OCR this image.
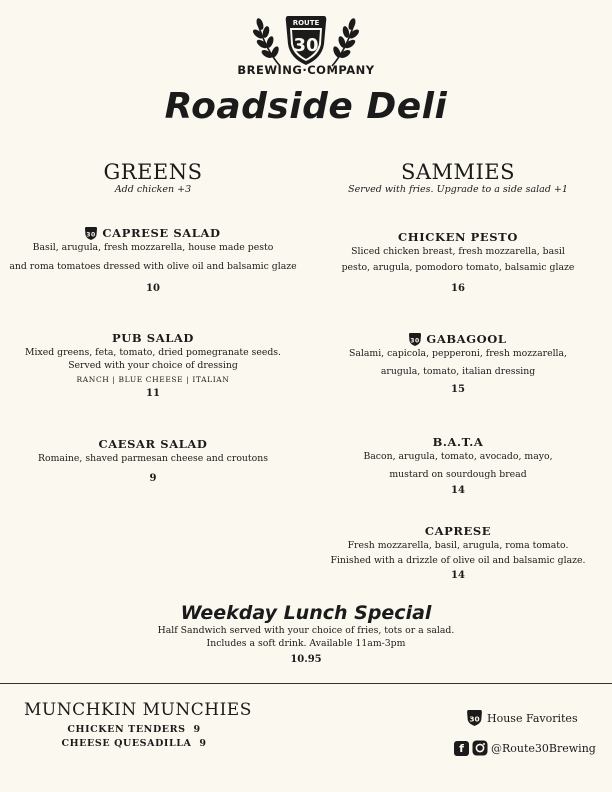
ROUTE
30
BREWING·COMPANY
Roadside Deli
GREENS
Add chicken +3
30 CAPRESE SALAD
Basil, arugula, fresh mozzarella, house made pesto
and roma tomatoes dressed with olive oil and balsamic glaze
10
PUB SALAD
Mixed greens, feta, tomato, dried pomegranate seeds.
Served with your choice of dressing
RANCH | BLUE CHEESE | ITALIAN
11
CAESAR SALAD
Romaine, shaved parmesan cheese and croutons
9
SAMMIES
Served with fries. Upgrade to a side salad +1
CHICKEN PESTO
Sliced chicken breast, fresh mozzarella, basil
pesto, arugula, pomodoro tomato, balsamic glaze
16
30 GABAGOOL
Salami, capicola, pepperoni, fresh mozzarella,
arugula, tomato, italian dressing
15
B.A.T.A
Bacon, arugula, tomato, avocado, mayo,
mustard on sourdough bread
14
CAPRESE
Fresh mozzarella, basil, arugula, roma tomato.
Finished with a drizzle of olive oil and balsamic glaze.
14
Weekday Lunch Special
Half Sandwich served with your choice of fries, tots or a salad.
Includes a soft drink. Available 11am-3pm
10.95
MUNCHKIN MUNCHIES
CHICKEN TENDERS 9
CHEESE QUESADILLA 9
30 House Favorites
f	@Route30Brewing
